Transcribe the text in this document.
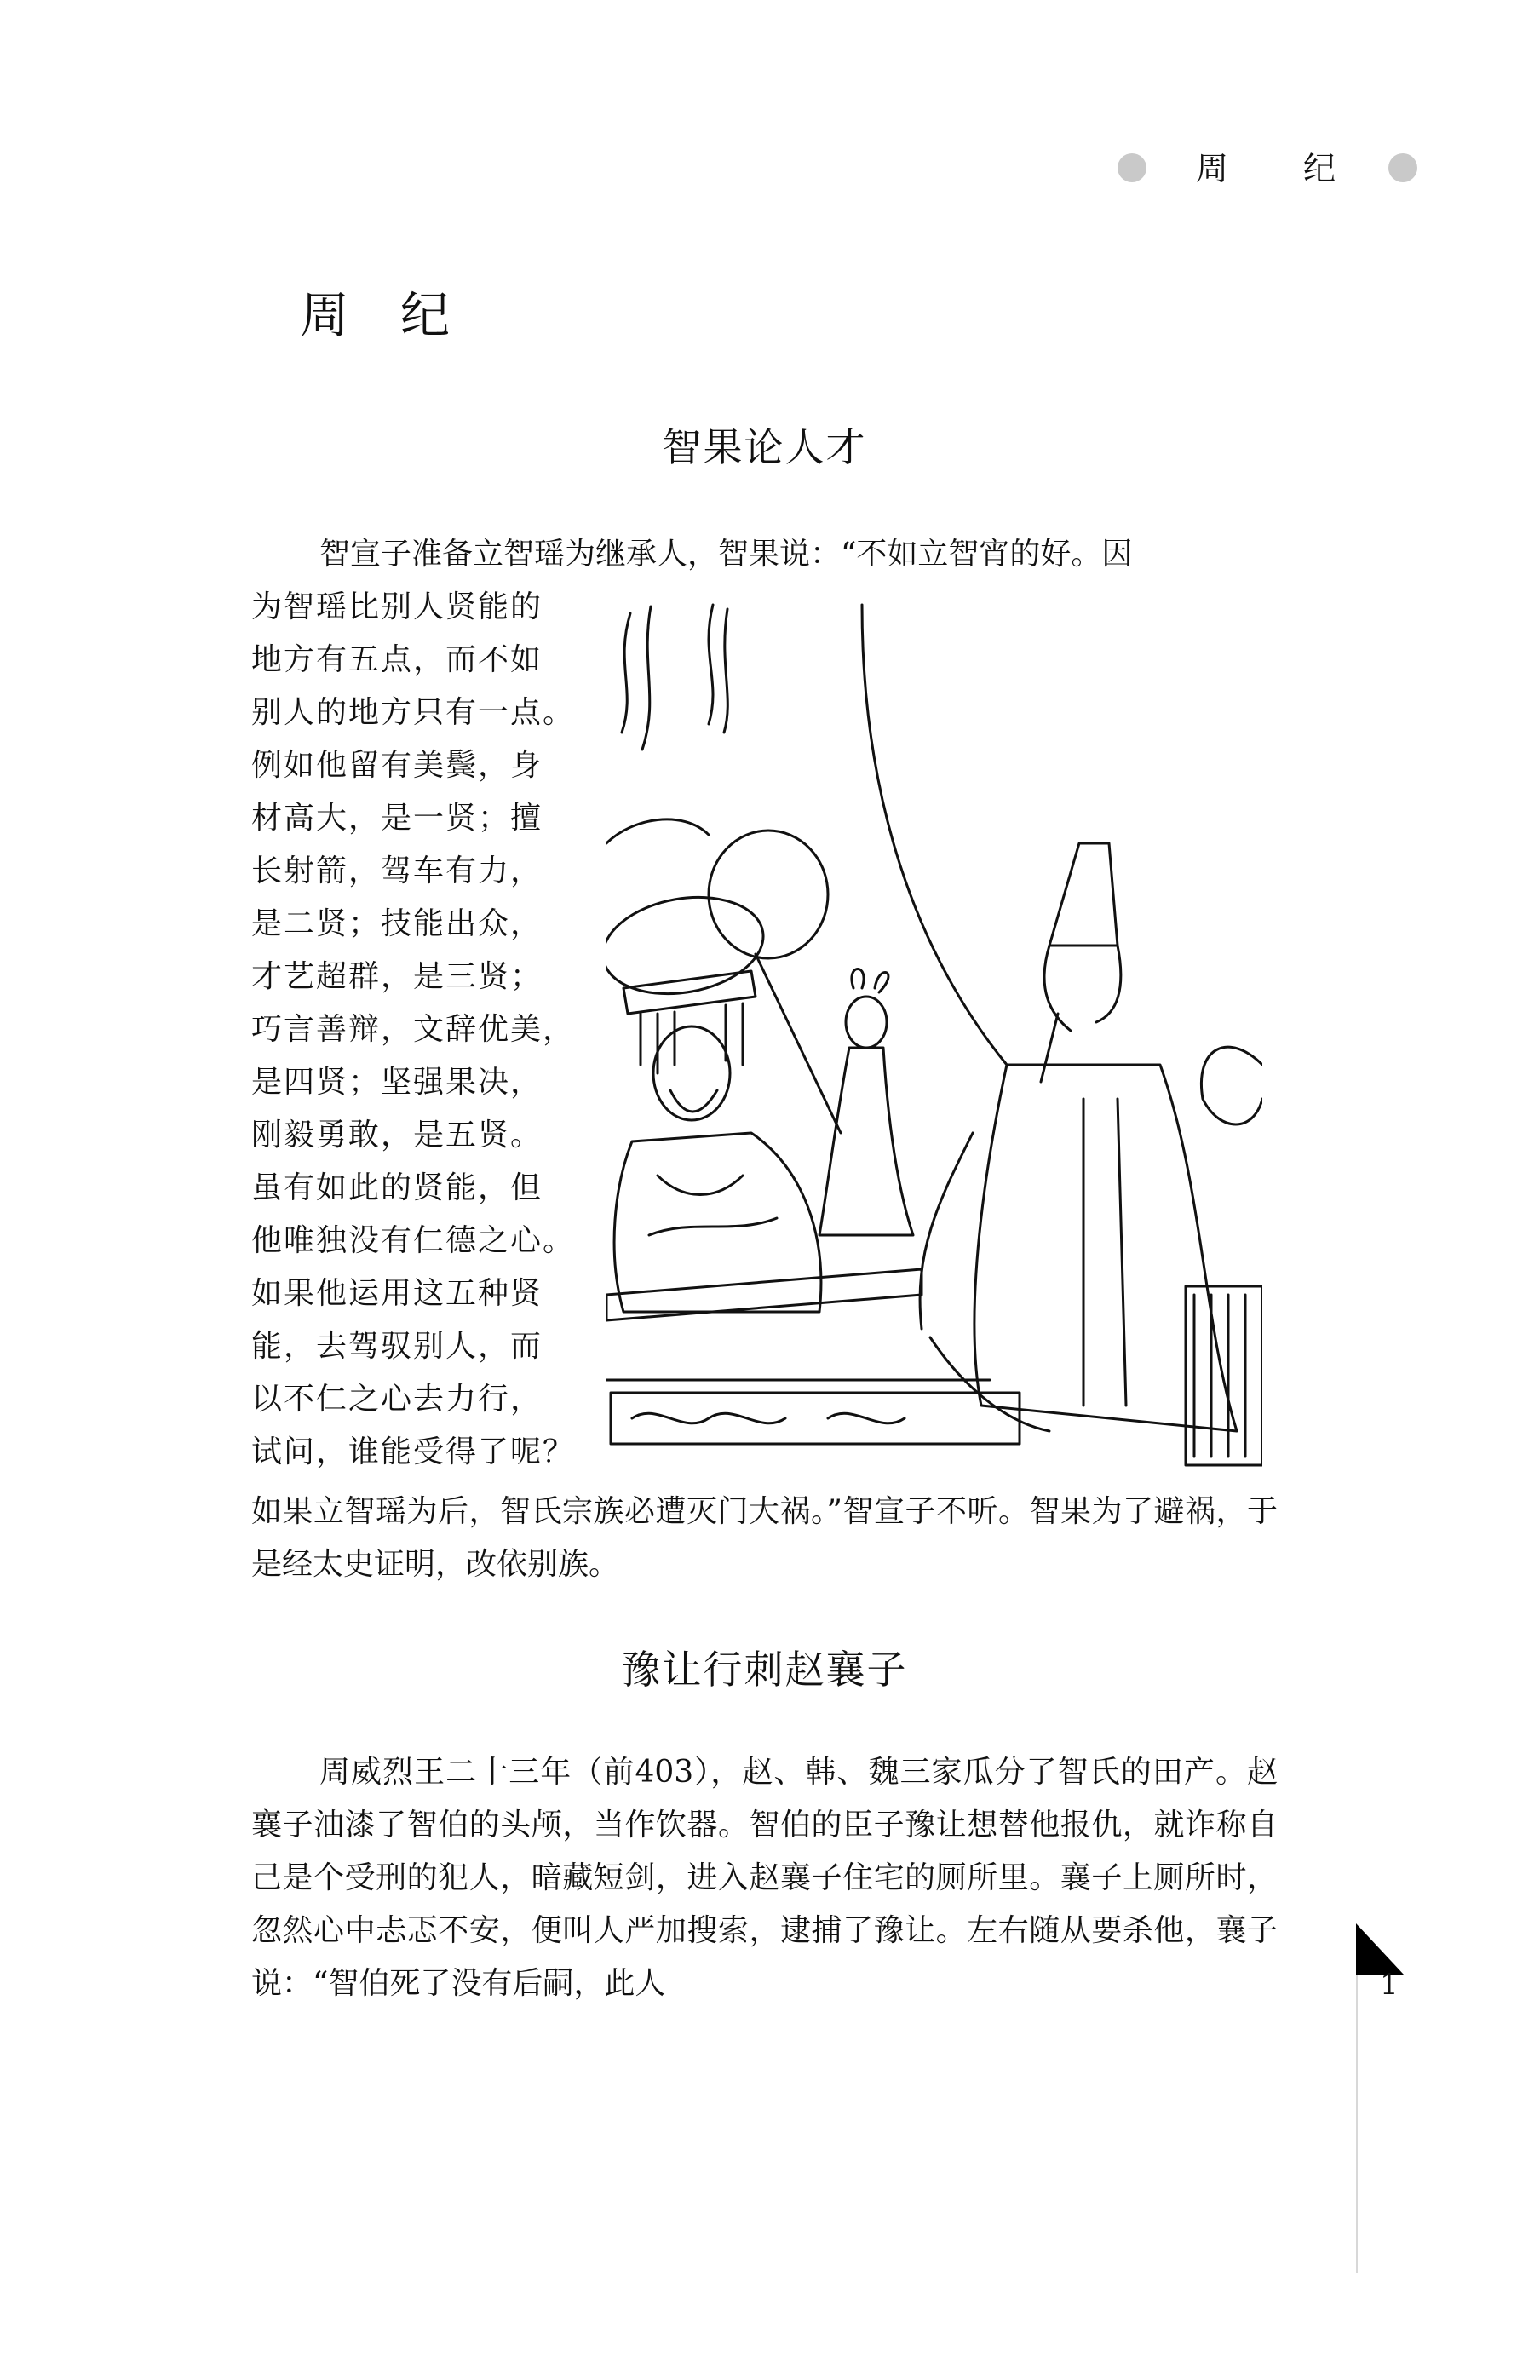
周 纪
周 纪
智果论人才
智宣子准备立智瑶为继承人，智果说：“不如立智宵的好。因
为智瑶比别人贤能的
地方有五点，而不如
别人的地方只有一点。
例如他留有美鬓，身
材高大，是一贤；擅
长射箭，驾车有力，
是二贤；技能出众，
才艺超群，是三贤；
巧言善辩，文辞优美，
是四贤；坚强果决，
刚毅勇敢，是五贤。
虽有如此的贤能，但
他唯独没有仁德之心。
如果他运用这五种贤
能，去驾驭别人，而
以不仁之心去力行，
试问，谁能受得了呢？
如果立智瑶为后，智氏宗族必遭灭门大祸。”智宣子不听。智果为了避祸，于是经太史证明，改依别族。
豫让行刺赵襄子
周威烈王二十三年（前403），赵、韩、魏三家瓜分了智氏的田产。赵襄子油漆了智伯的头颅，当作饮器。智伯的臣子豫让想替他报仇，就诈称自己是个受刑的犯人，暗藏短剑，进入赵襄子住宅的厕所里。襄子上厕所时，忽然心中忐忑不安，便叫人严加搜索，逮捕了豫让。左右随从要杀他，襄子说：“智伯死了没有后嗣，此人	1
